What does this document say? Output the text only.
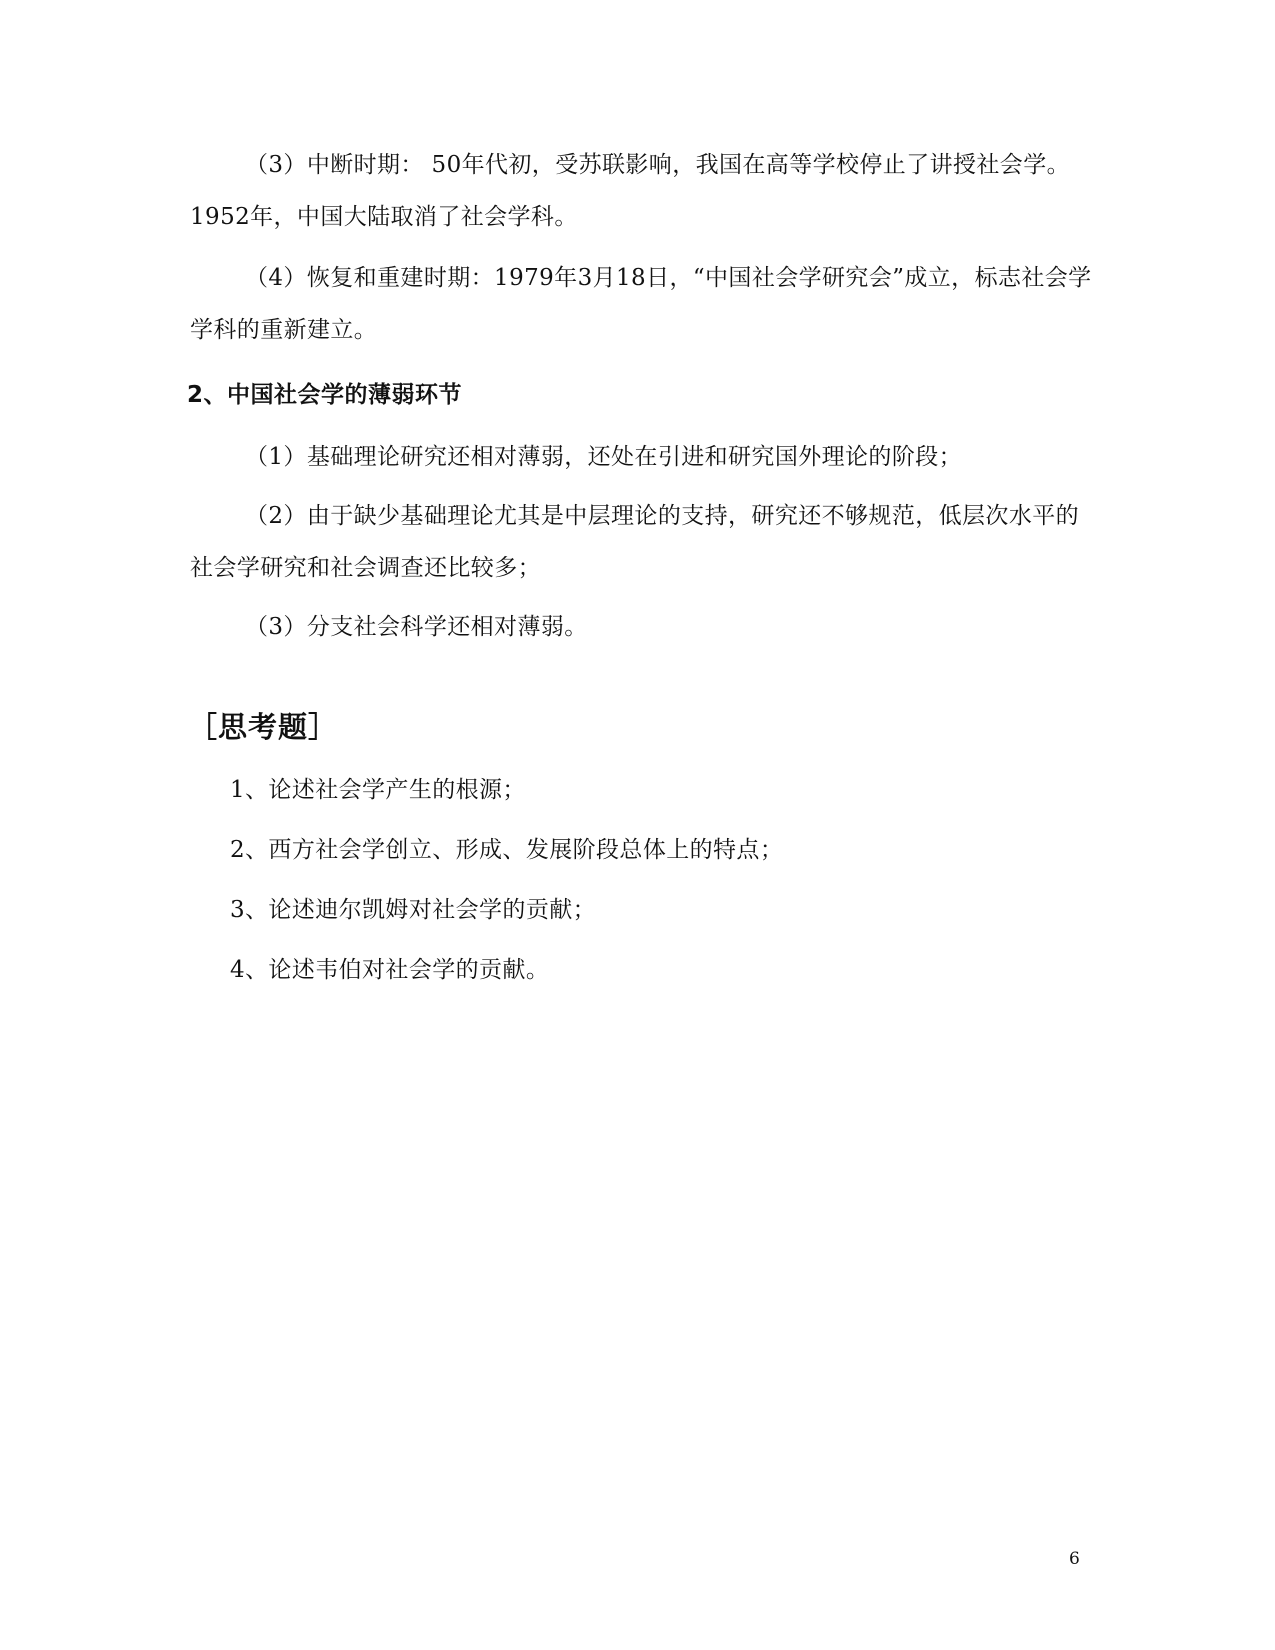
（3）中断时期： 50年代初，受苏联影响，我国在高等学校停止了讲授社会学。1952年，中国大陆取消了社会学科。

（4）恢复和重建时期：1979年3月18日，“中国社会学研究会”成立，标志社会学学科的重新建立。

2、中国社会学的薄弱环节

（1）基础理论研究还相对薄弱，还处在引进和研究国外理论的阶段；

（2）由于缺少基础理论尤其是中层理论的支持，研究还不够规范，低层次水平的社会学研究和社会调查还比较多；

（3）分支社会科学还相对薄弱。

［思考题］
1、论述社会学产生的根源；
2、西方社会学创立、形成、发展阶段总体上的特点；
3、论述迪尔凯姆对社会学的贡献；
4、论述韦伯对社会学的贡献。
6
